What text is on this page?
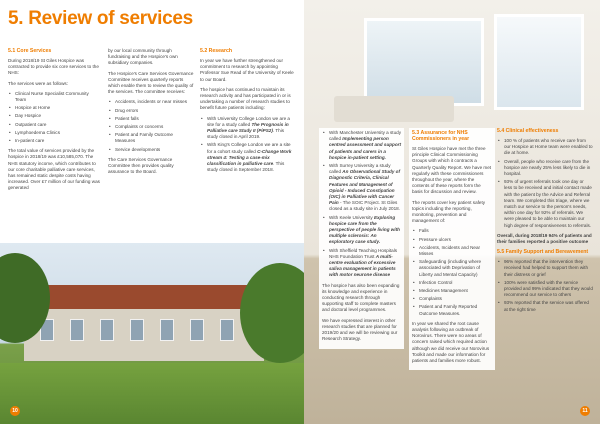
5. Review of services
5.1 Core Services

During 2018/19 St Giles Hospice was contracted to provide six core services to the NHS:

The services were as follows:

• Clinical Nurse Specialist Community Team
• Hospice at Home
• Day Hospice
• Outpatient care
• Lymphoedema Clinics
• In-patient care

The total value of services provided by the hospice in 2018/19 was £10,585,070. The NHS statutory income, which contributes to our core charitable palliative care services, has remained static despite costs having increased. Over £7 million of our funding was generated

by our local community through fundraising and the Hospice's own subsidiary companies.

The Hospice's Care Services Governance Committee receives quarterly reports which enable them to review the quality of the services. The committee receives:

• Accidents, incidents or near misses
• Drug errors
• Patient falls
• Complaints or concerns
• Patient and Family Outcome Measures
• Service developments

The Care Services Governance Committee then provides quality assurance to the Board.

5.2 Research

In year we have further strengthened our commitment to research by appointing Professor Sue Read of the University of Keele to our Board.

The hospice has continued to maintain its research activity and has participated in or is undertaking a number of research studies to benefit future patients including:

• With University College London we are a site for a study called The Prognosis in Palliative care Study II (PiPS2). This study closed in April 2019.
• With King's College London we are a site for a cohort study called C-Change Work stream 4: Testing a case-mix classification in palliative care. This study closed in September 2018.
• With Manchester University a study called Implementing person centred assessment and support of patients and carers in a hospice in-patient setting.
• With Surrey University a study called An Observational Study of Diagnostic Criteria, Clinical Features and Management of Opioid - Induced Constipation (OIC) in Palliative with Cancer Pain - The SOIC Project. St Giles closed as a study site in July 2018.
• With Keele University Exploring hospice care from the perspective of people living with multiple sclerosis: An exploratory case study.
• With Sheffield Teaching Hospitals NHS Foundation Trust A multi-centre evaluation of excessive saliva management in patients with motor neurone disease

The hospice has also been expanding its knowledge and experience in conducting research through supporting staff to complete masters and doctoral level programmes.

We have expressed interest in other research studies that are planned for 2019/20 and we will be reviewing our Research Strategy.

5.3 Assurance for NHS Commissioners in year

St Giles Hospice have met the three principle Clinical Commissioning Groups with which it contracts a Quarterly Quality Report. We have met regularly with these commissioners throughout the year, where the contents of these reports form the basis for discussion and review.

The reports cover key patient safety topics including the reporting, monitoring, prevention and management of:

• Falls
• Pressure ulcers
• Accidents, Incidents and Near Misses
• Safeguarding (including where associated with Deprivation of Liberty and Mental Capacity)
• Infection Control
• Medicines Management
• Complaints
• Patient and Family Reported Outcome Measures.

In year we shared the root cause analysis following an outbreak of Norovirus. There were no areas of concern raised which required action although we did receive our Norovirus Toolkit and made our information for patients and families more robust.

5.4 Clinical effectiveness
• 100 % of patients who receive care from our Hospice at Home team were enabled to die at home.
• Overall, people who receive care from the hospice are nearly 25% less likely to die in hospital.
• 93% of urgent referrals took one day or less to be received and initial contact made with the patient by the Advice and Referral team. We completed this triage, where we match our service to the person's needs, within one day for 92% of referrals. We were pleased to be able to maintain our high degree of responsiveness to referrals.

Overall, during 2018/19 94% of patients and their families reported a positive outcome

5.5 Family Support and Bereavement
• 96% reported that the intervention they received had helped to support them with their distress or grief
• 100% were satisfied with the service provided and 99% indicated that they would recommend our service to others
• 93% reported that the service was offered at the right time
10	11
